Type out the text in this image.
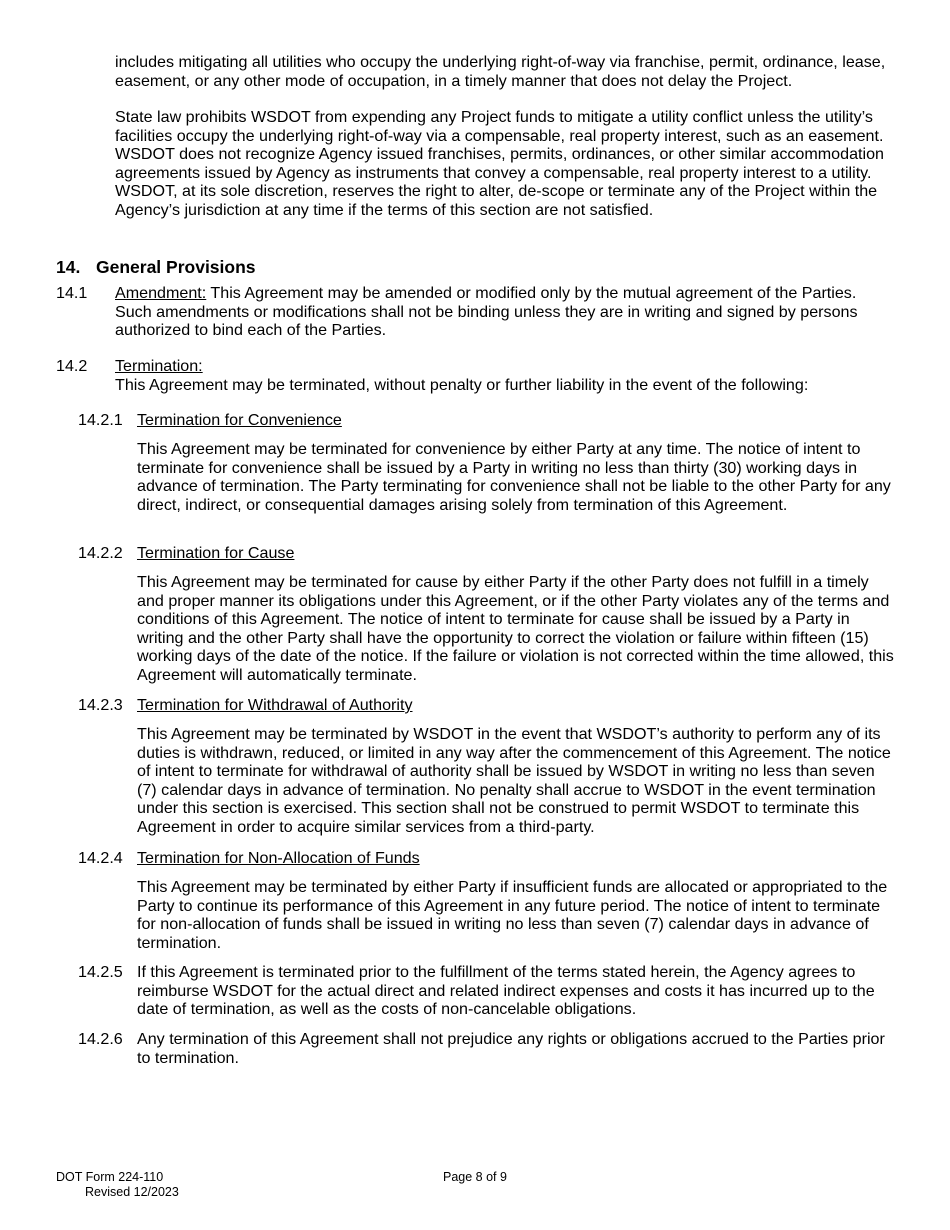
includes mitigating all utilities who occupy the underlying right-of-way via franchise, permit, ordinance, lease, easement, or any other mode of occupation, in a timely manner that does not delay the Project.

State law prohibits WSDOT from expending any Project funds to mitigate a utility conflict unless the utility’s facilities occupy the underlying right-of-way via a compensable, real property interest, such as an easement. WSDOT does not recognize Agency issued franchises, permits, ordinances, or other similar accommodation agreements issued by Agency as instruments that convey a compensable, real property interest to a utility. WSDOT, at its sole discretion, reserves the right to alter, de-scope or terminate any of the Project within the Agency’s jurisdiction at any time if the terms of this section are not satisfied.

14. General Provisions
14.1 Amendment: This Agreement may be amended or modified only by the mutual agreement of the Parties. Such amendments or modifications shall not be binding unless they are in writing and signed by persons authorized to bind each of the Parties.

14.2 Termination:
This Agreement may be terminated, without penalty or further liability in the event of the following:

14.2.1 Termination for Convenience

This Agreement may be terminated for convenience by either Party at any time. The notice of intent to terminate for convenience shall be issued by a Party in writing no less than thirty (30) working days in advance of termination. The Party terminating for convenience shall not be liable to the other Party for any direct, indirect, or consequential damages arising solely from termination of this Agreement.

14.2.2 Termination for Cause

This Agreement may be terminated for cause by either Party if the other Party does not fulfill in a timely and proper manner its obligations under this Agreement, or if the other Party violates any of the terms and conditions of this Agreement. The notice of intent to terminate for cause shall be issued by a Party in writing and the other Party shall have the opportunity to correct the violation or failure within fifteen (15) working days of the date of the notice. If the failure or violation is not corrected within the time allowed, this Agreement will automatically terminate.

14.2.3 Termination for Withdrawal of Authority

This Agreement may be terminated by WSDOT in the event that WSDOT’s authority to perform any of its duties is withdrawn, reduced, or limited in any way after the commencement of this Agreement. The notice of intent to terminate for withdrawal of authority shall be issued by WSDOT in writing no less than seven (7) calendar days in advance of termination. No penalty shall accrue to WSDOT in the event termination under this section is exercised. This section shall not be construed to permit WSDOT to terminate this Agreement in order to acquire similar services from a third-party.

14.2.4 Termination for Non-Allocation of Funds

This Agreement may be terminated by either Party if insufficient funds are allocated or appropriated to the Party to continue its performance of this Agreement in any future period. The notice of intent to terminate for non-allocation of funds shall be issued in writing no less than seven (7) calendar days in advance of termination.

14.2.5 If this Agreement is terminated prior to the fulfillment of the terms stated herein, the Agency agrees to reimburse WSDOT for the actual direct and related indirect expenses and costs it has incurred up to the date of termination, as well as the costs of non-cancelable obligations.

14.2.6 Any termination of this Agreement shall not prejudice any rights or obligations accrued to the Parties prior to termination.

DOT Form 224-110
Revised 12/2023
Page 8 of 9
